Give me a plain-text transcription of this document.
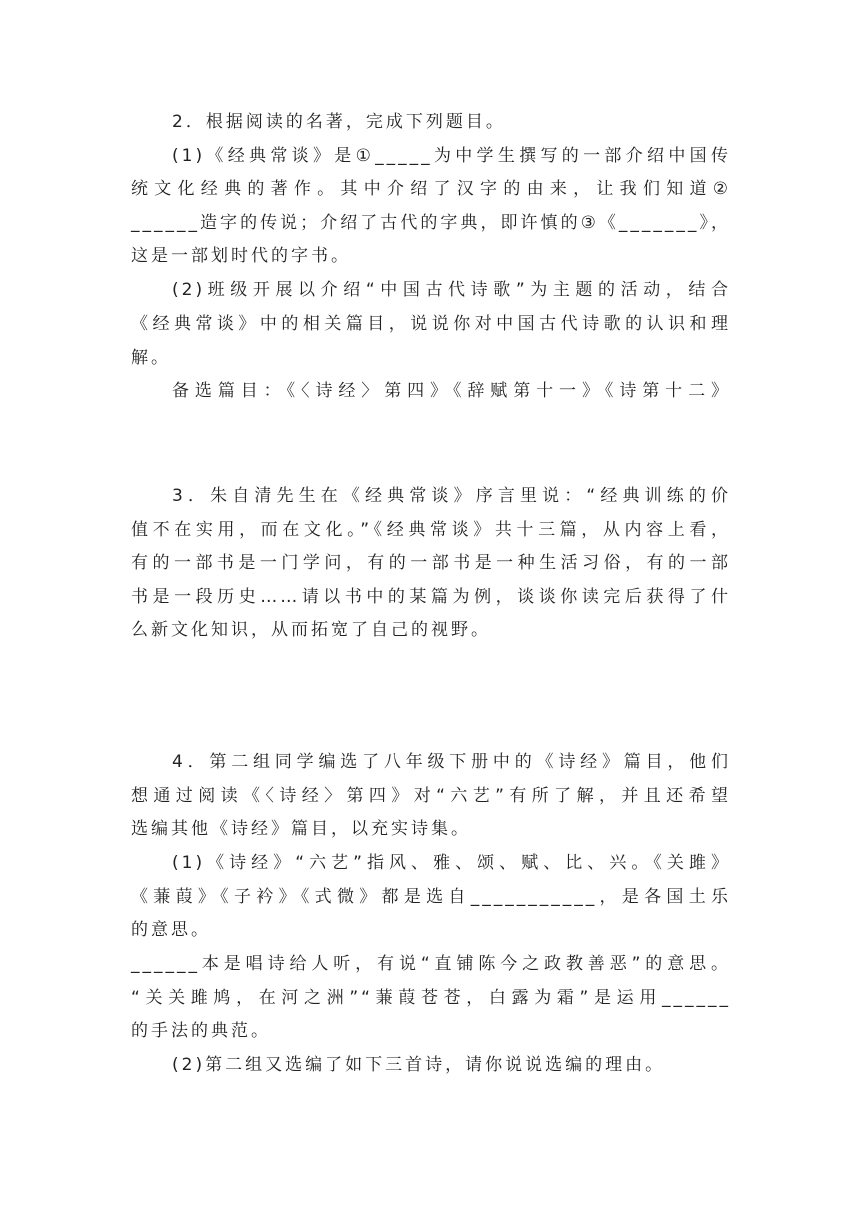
2．根据阅读的名著，完成下列题目。
(1)《经典常谈》是①_____为中学生撰写的一部介绍中国传
统文化经典的著作。其中介绍了汉字的由来，让我们知道②
______造字的传说；介绍了古代的字典，即许慎的③《_______》，
这是一部划时代的字书。
(2)班级开展以介绍“中国古代诗歌”为主题的活动，结合
《经典常谈》中的相关篇目，说说你对中国古代诗歌的认识和理
解。
备选篇目：《〈诗经〉第四》《辞赋第十一》《诗第十二》
3．朱自清先生在《经典常谈》序言里说：“经典训练的价
值不在实用，而在文化。”《经典常谈》共十三篇，从内容上看，
有的一部书是一门学问，有的一部书是一种生活习俗，有的一部
书是一段历史……请以书中的某篇为例，谈谈你读完后获得了什
么新文化知识，从而拓宽了自己的视野。
4．第二组同学编选了八年级下册中的《诗经》篇目，他们
想通过阅读《〈诗经〉第四》对“六艺”有所了解，并且还希望
选编其他《诗经》篇目，以充实诗集。
(1)《诗经》“六艺”指风、雅、颂、赋、比、兴。《关雎》
《蒹葭》《子衿》《式微》都是选自___________，是各国土乐
的意思。
______本是唱诗给人听，有说“直铺陈今之政教善恶”的意思。
“关关雎鸠，在河之洲”“蒹葭苍苍，白露为霜”是运用______
的手法的典范。
(2)第二组又选编了如下三首诗，请你说说选编的理由。
